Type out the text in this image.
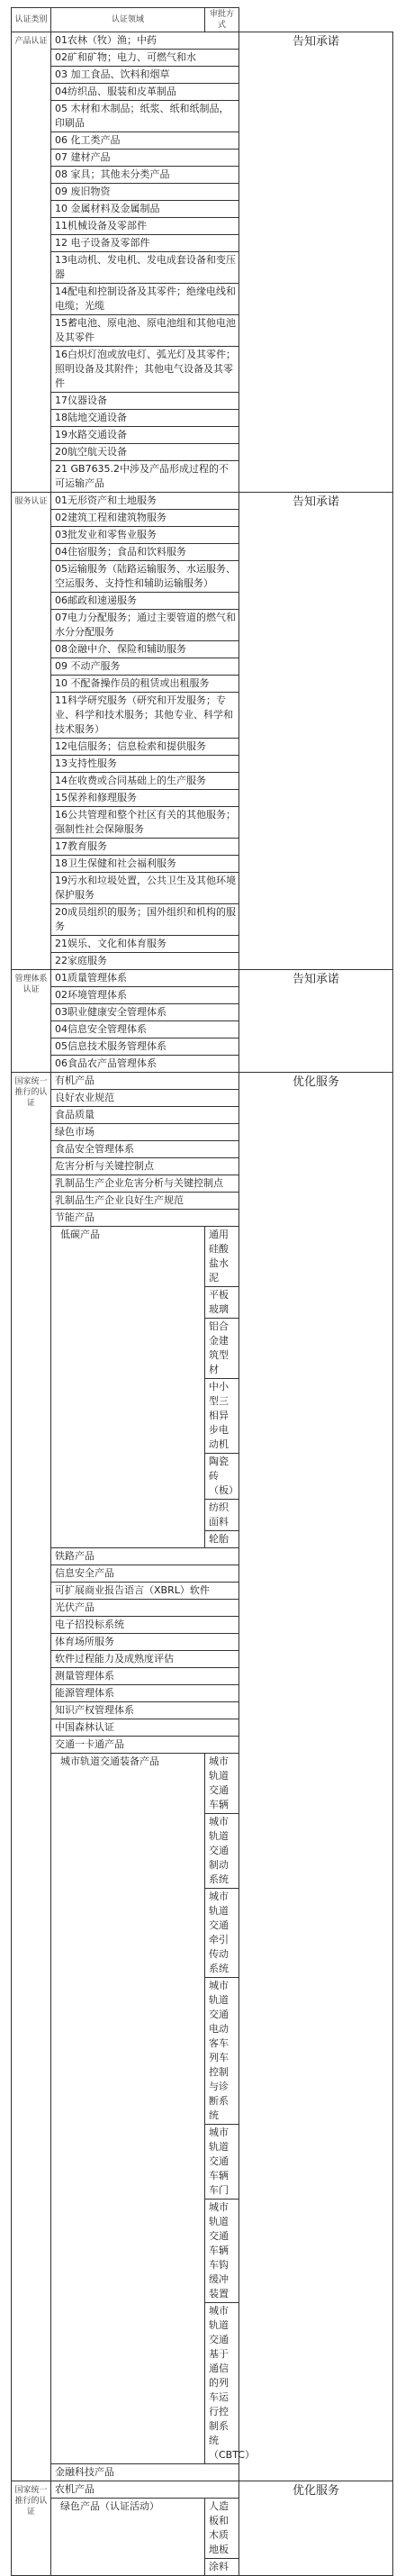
认证类别	认证领域	审批方式	
产品认证	01农林（牧）渔；中药		告知承诺
	02矿和矿物；电力、可燃气和水		
	03 加工食品、饮料和烟草		
	04纺织品、服装和皮革制品		
	05 木材和木制品；纸浆、纸和纸制品，印刷品		
	06 化工类产品		
	07 建材产品		
	08 家具；其他未分类产品		
	09 废旧物资		
	10 金属材料及金属制品		
	11机械设备及零部件		
	12 电子设备及零部件		
	13电动机、发电机、发电成套设备和变压器		
	14配电和控制设备及其零件；绝缘电线和电缆；光缆		
	15蓄电池、原电池、原电池组和其他电池及其零件		
	16白炽灯泡或放电灯、弧光灯及其零件；照明设备及其附件；其他电气设备及其零件		
	17仪器设备		
	18陆地交通设备		
	19水路交通设备		
	20航空航天设备		
	21 GB7635.2中涉及产品形成过程的不可运输产品		
服务认证	01无形资产和土地服务		告知承诺
	02建筑工程和建筑物服务		
	03批发业和零售业服务		
	04住宿服务；食品和饮料服务		
	05运输服务（陆路运输服务、水运服务、空运服务、支持性和辅助运输服务）		
	06邮政和速递服务		
	07电力分配服务；通过主要管道的燃气和水分分配服务		
	08金融中介、保险和辅助服务		
	09 不动产服务		
	10 不配备操作员的租赁或出租服务		
	11科学研究服务（研究和开发服务；专业、科学和技术服务；其他专业、科学和技术服务）		
	12电信服务；信息检索和提供服务		
	13支持性服务		
	14在收费或合同基础上的生产服务		
	15保养和修理服务		
	16公共管理和整个社区有关的其他服务；强制性社会保障服务		
	17教育服务		
	18卫生保健和社会福利服务		
	19污水和垃圾处置，公共卫生及其他环境保护服务		
	20成员组织的服务；国外组织和机构的服务		
	21娱乐、文化和体育服务		
	22家庭服务		
管理体系认证	01质量管理体系		告知承诺
	02环境管理体系		
	03职业健康安全管理体系		
	04信息安全管理体系		
	05信息技术服务管理体系		
	06食品农产品管理体系		
国家统一推行的认证	有机产品		优化服务
	良好农业规范		
	食品质量		
	绿色市场		
	食品安全管理体系		
	危害分析与关键控制点		
	乳制品生产企业危害分析与关键控制点		
	乳制品生产企业良好生产规范		
	节能产品		
	低碳产品	通用硅酸盐水泥	
		平板玻璃	
		铝合金建筑型材	
		中小型三相异步电动机	
		陶瓷砖（板）	
		纺织面料	
		轮胎	
	铁路产品		
	信息安全产品		
	可扩展商业报告语言（XBRL）软件		
	光伏产品		
	电子招投标系统		
	体育场所服务		
	软件过程能力及成熟度评估		
	测量管理体系		
	能源管理体系		
	知识产权管理体系		
	中国森林认证		
	交通一卡通产品		
	城市轨道交通装备产品	城市轨道交通车辆	
		城市轨道交通制动系统	
		城市轨道交通牵引传动系统	
		城市轨道交通电动客车列车控制与诊断系统	
		城市轨道交通车辆车门	
		城市轨道交通车辆车钩缓冲装置	
		城市轨道交通基于通信的列车运行控制系统（CBTC）	
	金融科技产品		
国家统一推行的认证	农机产品		优化服务
	绿色产品（认证活动）	人造板和木质地板	
		涂料	
